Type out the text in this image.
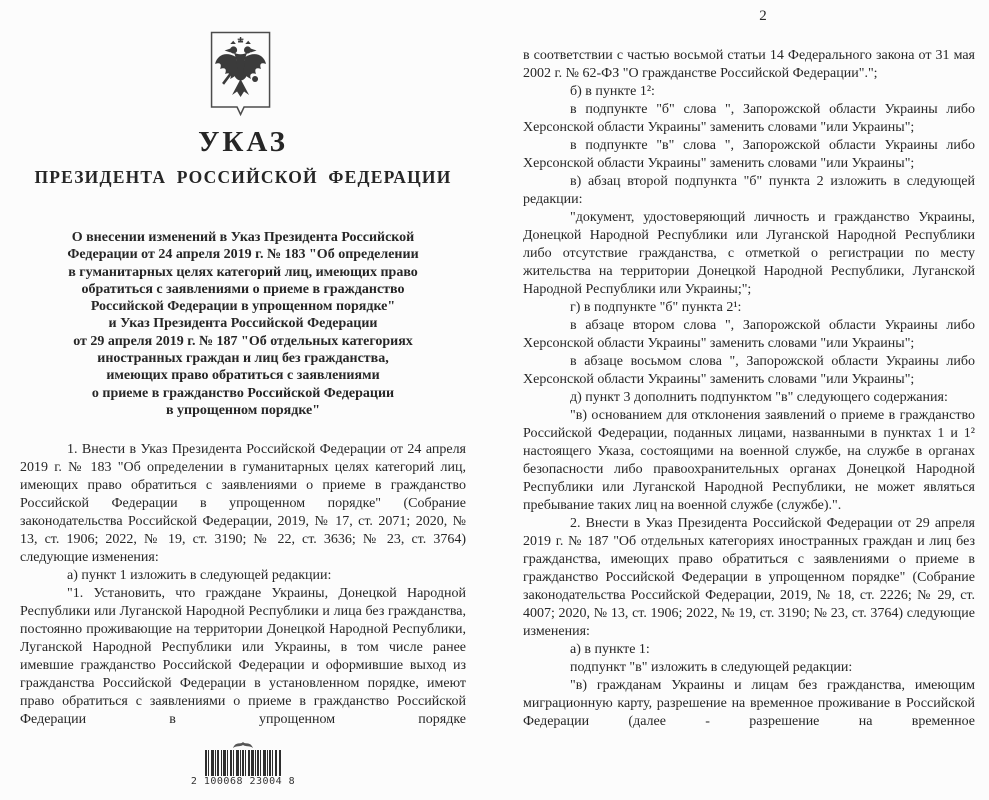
УКАЗ
ПРЕЗИДЕНТА РОССИЙСКОЙ ФЕДЕРАЦИИ
О внесении изменений в Указ Президента Российской
Федерации от 24 апреля 2019 г. № 183 "Об определении
в гуманитарных целях категорий лиц, имеющих право
обратиться с заявлениями о приеме в гражданство
Российской Федерации в упрощенном порядке"
и Указ Президента Российской Федерации
от 29 апреля 2019 г. № 187 "Об отдельных категориях
иностранных граждан и лиц без гражданства,
имеющих право обратиться с заявлениями
о приеме в гражданство Российской Федерации
в упрощенном порядке"

1. Внести в Указ Президента Российской Федерации от 24 апреля 2019 г. № 183 "Об определении в гуманитарных целях категорий лиц, имеющих право обратиться с заявлениями о приеме в гражданство Российской Федерации в упрощенном порядке" (Собрание законодательства Российской Федерации, 2019, № 17, ст. 2071; 2020, № 13, ст. 1906; 2022, № 19, ст. 3190; № 22, ст. 3636; № 23, ст. 3764) следующие изменения:

а) пункт 1 изложить в следующей редакции:

"1. Установить, что граждане Украины, Донецкой Народной Республики или Луганской Народной Республики и лица без гражданства, постоянно проживающие на территории Донецкой Народной Республики, Луганской Народной Республики или Украины, в том числе ранее имевшие гражданство Российской Федерации и оформившие выход из гражданства Российской Федерации в установленном порядке, имеют право обратиться с заявлениями о приеме в гражданство Российской Федерации в упрощенном порядке

2 100068 23004 8
2

в соответствии с частью восьмой статьи 14 Федерального закона от 31 мая 2002 г. № 62-ФЗ "О гражданстве Российской Федерации".";

б) в пункте 1²:

в подпункте "б" слова ", Запорожской области Украины либо Херсонской области Украины" заменить словами "или Украины";

в подпункте "в" слова ", Запорожской области Украины либо Херсонской области Украины" заменить словами "или Украины";

в) абзац второй подпункта "б" пункта 2 изложить в следующей редакции:

"документ, удостоверяющий личность и гражданство Украины, Донецкой Народной Республики или Луганской Народной Республики либо отсутствие гражданства, с отметкой о регистрации по месту жительства на территории Донецкой Народной Республики, Луганской Народной Республики или Украины;";

г) в подпункте "б" пункта 2¹:

в абзаце втором слова ", Запорожской области Украины либо Херсонской области Украины" заменить словами "или Украины";

в абзаце восьмом слова ", Запорожской области Украины либо Херсонской области Украины" заменить словами "или Украины";

д) пункт 3 дополнить подпунктом "в" следующего содержания:

"в) основанием для отклонения заявлений о приеме в гражданство Российской Федерации, поданных лицами, названными в пунктах 1 и 1² настоящего Указа, состоящими на военной службе, на службе в органах безопасности либо правоохранительных органах Донецкой Народной Республики или Луганской Народной Республики, не может являться пребывание таких лиц на военной службе (службе).".

2. Внести в Указ Президента Российской Федерации от 29 апреля 2019 г. № 187 "Об отдельных категориях иностранных граждан и лиц без гражданства, имеющих право обратиться с заявлениями о приеме в гражданство Российской Федерации в упрощенном порядке" (Собрание законодательства Российской Федерации, 2019, № 18, ст. 2226; № 29, ст. 4007; 2020, № 13, ст. 1906; 2022, № 19, ст. 3190; № 23, ст. 3764) следующие изменения:

а) в пункте 1:

подпункт "в" изложить в следующей редакции:

"в) гражданам Украины и лицам без гражданства, имеющим миграционную карту, разрешение на временное проживание в Российской Федерации (далее - разрешение на временное
